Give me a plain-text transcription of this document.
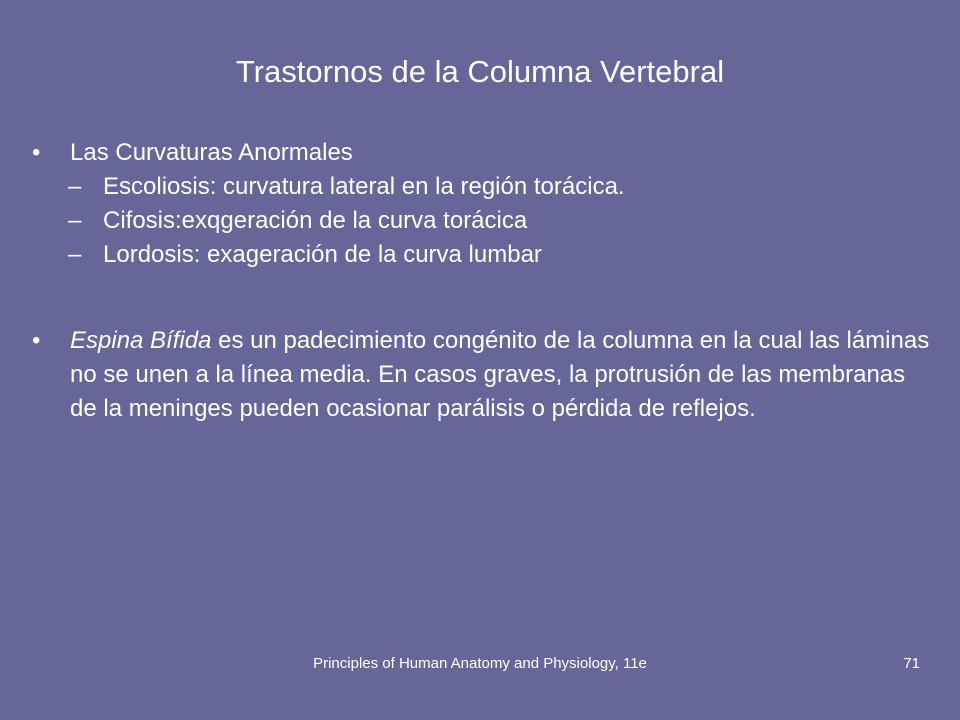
Trastornos de la Columna Vertebral
• Las Curvaturas Anormales
– Escoliosis: curvatura lateral en la región torácica.
– Cifosis:exqgeración de la curva torácica
– Lordosis: exageración de la curva lumbar
• Espina Bífida es un padecimiento congénito de la columna en la cual las láminas no se unen a la línea media. En casos graves, la protrusión de las membranas de la meninges pueden ocasionar parálisis o pérdida de reflejos.
Principles of Human Anatomy and Physiology, 11e	71
